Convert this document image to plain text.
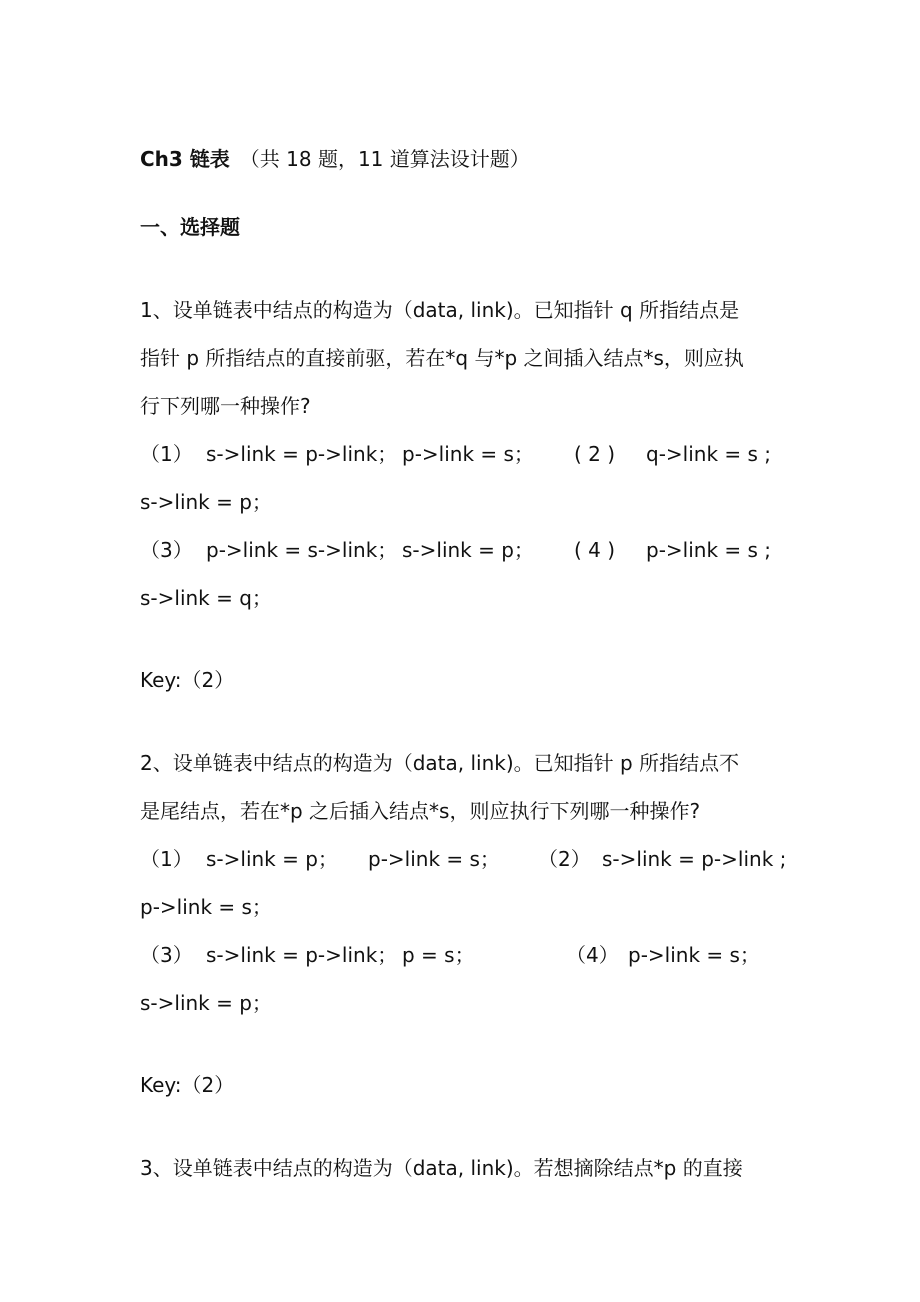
Ch3 链表 （共 18 题，11 道算法设计题）
一、选择题
1、设单链表中结点的构造为（data, link)。已知指针 q 所指结点是
指针 p 所指结点的直接前驱，若在*q 与*p 之间插入结点*s，则应执
行下列哪一种操作?
（1） s->link = p->link； p->link = s； ( 2 ) q->link = s ;
s->link = p；
（3） p->link = s->link； s->link = p； ( 4 ) p->link = s ;
s->link = q；
Key:（2）
2、设单链表中结点的构造为（data, link)。已知指针 p 所指结点不
是尾结点，若在*p 之后插入结点*s，则应执行下列哪一种操作?
（1） s->link = p； p->link = s； （2） s->link = p->link ;
p->link = s；
（3） s->link = p->link； p = s；	（4） p->link = s；
s->link = p；
Key:（2）
3、设单链表中结点的构造为（data, link)。若想摘除结点*p 的直接
